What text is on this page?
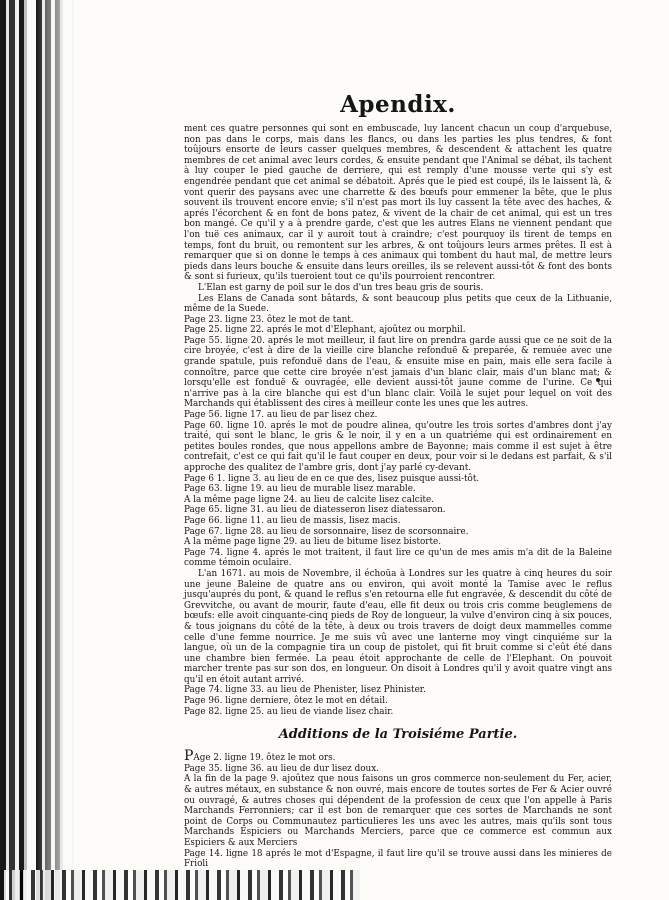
Apendix.

ment ces quatre personnes qui sont en embuscade, luy lancent chacun un coup d'arquebuse, non pas dans le corps, mais dans les flancs, ou dans les parties les plus tendres, & font toûjours ensorte de leurs casser quelques membres, & descendent & attachent les quatre membres de cet animal avec leurs cordes, & ensuite pendant que l'Animal se débat, ils tachent à luy couper le pied gauche de derriere, qui est remply d'une mousse verte qui s'y est engendrée pendant que cet animal se débatoit. Aprés que le pied est coupé, ils le laissent là, & vont querir des paysans avec une charrette & des bœufs pour emmener la bête, que le plus souvent ils trouvent encore envie; s'il n'est pas mort ils luy cassent la tête avec des haches, & aprés l'écorchent & en font de bons patez, & vivent de la chair de cet animal, qui est un tres bon mangé. Ce qu'il y a à prendre garde, c'est que les autres Elans ne viennent pendant que l'on tuë ces animaux, car il y auroit tout à craindre; c'est pourquoy ils tirent de temps en temps, font du bruit, ou remontent sur les arbres, & ont toûjours leurs armes prêtes. Il est à remarquer que si on donne le temps à ces animaux qui tombent du haut mal, de mettre leurs pieds dans leurs bouche & ensuite dans leurs oreilles, ils se relevent aussi-tôt & font des bonts & sont si furieux, qu'ils tueroient tout ce qu'ils pourroient rencontrer.

L'Elan est garny de poil sur le dos d'un tres beau gris de souris.

Les Elans de Canada sont bâtards, & sont beaucoup plus petits que ceux de la Lithuanie, même de la Suede.

Page 23. ligne 23. ôtez le mot de tant.

Page 25. ligne 22. aprés le mot d'Elephant, ajoûtez ou morphil.

Page 55. ligne 20. aprés le mot meilleur, il faut lire on prendra garde aussi que ce ne soit de la cire broyée, c'est à dire de la vieille cire blanche refonduë & preparée, & remuée avec une grande spatule, puis refonduë dans de l'eau, & ensuite mise en pain, mais elle sera facile à connoître, parce que cette cire broyée n'est jamais d'un blanc clair, mais d'un blanc mat; & lorsqu'elle est fonduë & ouvragée, elle devient aussi-tôt jaune comme de l'urine. Ce qui n'arrive pas à la cire blanche qui est d'un blanc clair. Voilà le sujet pour lequel on voit des Marchands qui établissent des cires à meilleur conte les unes que les autres.

Page 56. ligne 17. au lieu de par lisez chez.

Page 60. ligne 10. aprés le mot de poudre alinea, qu'outre les trois sortes d'ambres dont j'ay traité, qui sont le blanc, le gris & le noir, il y en a un quatriéme qui est ordinairement en petites boules rondes, que nous appellons ambre de Bayonne; mais comme il est sujet à être contrefait, c'est ce qui fait qu'il le faut couper en deux, pour voir si le dedans est parfait, & s'il approche des qualitez de l'ambre gris, dont j'ay parlé cy-devant.

Page 6 1. ligne 3. au lieu de en ce que des, lisez puisque aussi-tôt.

Page 63. ligne 19. au lieu de murable lisez marable.

A la même page ligne 24. au lieu de calcite lisez calcite.

Page 65. ligne 31. au lieu de diatesseron lisez diatessaron.

Page 66. ligne 11. au lieu de massis, lisez macis.

Page 67. ligne 28. au lieu de sorsonnaire, lisez de scorsonnaire.

A la même page ligne 29. au lieu de bitume lisez bistorte.

Page 74. ligne 4. aprés le mot traitent, il faut lire ce qu'un de mes amis m'a dit de la Baleine comme témoin oculaire.

L'an 1671. au mois de Novembre, il échoüa à Londres sur les quatre à cinq heures du soir une jeune Baleine de quatre ans ou environ, qui avoit monté la Tamise avec le reflus jusqu'auprés du pont, & quand le reflus s'en retourna elle fut engravée, & descendit du côté de Grevvitche, ou avant de mourir, faute d'eau, elle fit deux ou trois cris comme beuglemens de bœufs: elle avoit cinquante-cinq pieds de Roy de longueur, la vulve d'environ cinq à six pouces, & tous joignans du côté de la tête, à deux ou trois travers de doigt deux mammelles comme celle d'une femme nourrice. Je me suis vû avec une lanterne moy vingt cinquiéme sur la langue, où un de la compagnie tira un coup de pistolet, qui fit bruit comme si c'eût été dans une chambre bien fermée. La peau étoit approchante de celle de l'Elephant. On pouvoit marcher trente pas sur son dos, en longueur. On disoit à Londres qu'il y avoit quatre vingt ans qu'il en étoit autant arrivé.

Page 74. ligne 33. au lieu de Phenister, lisez Phinister.

Page 96. ligne derniere, ôtez le mot en détail.

Page 82. ligne 25. au lieu de viande lisez chair.

Additions de la Troisiéme Partie.

PAge 2. ligne 19. ôtez le mot ors.

Page 35. ligne 36. au lieu de dur lisez doux.

A la fin de la page 9. ajoûtez que nous faisons un gros commerce non-seulement du Fer, acier, & autres métaux, en substance & non ouvré, mais encore de toutes sortes de Fer & Acier ouvré ou ouvragé, & autres choses qui dépendent de la profession de ceux que l'on appelle à Paris Marchands Ferronniers; car il est bon de remarquer que ces sortes de Marchands ne sont point de Corps ou Communautez particulieres les uns avec les autres, mais qu'ils sont tous Marchands Espiciers ou Marchands Merciers, parce que ce commerce est commun aux Espiciers & aux Merciers

Page 14. ligne 18 aprés le mot d'Espagne, il faut lire qu'il se trouve aussi dans les minieres de Frioli
